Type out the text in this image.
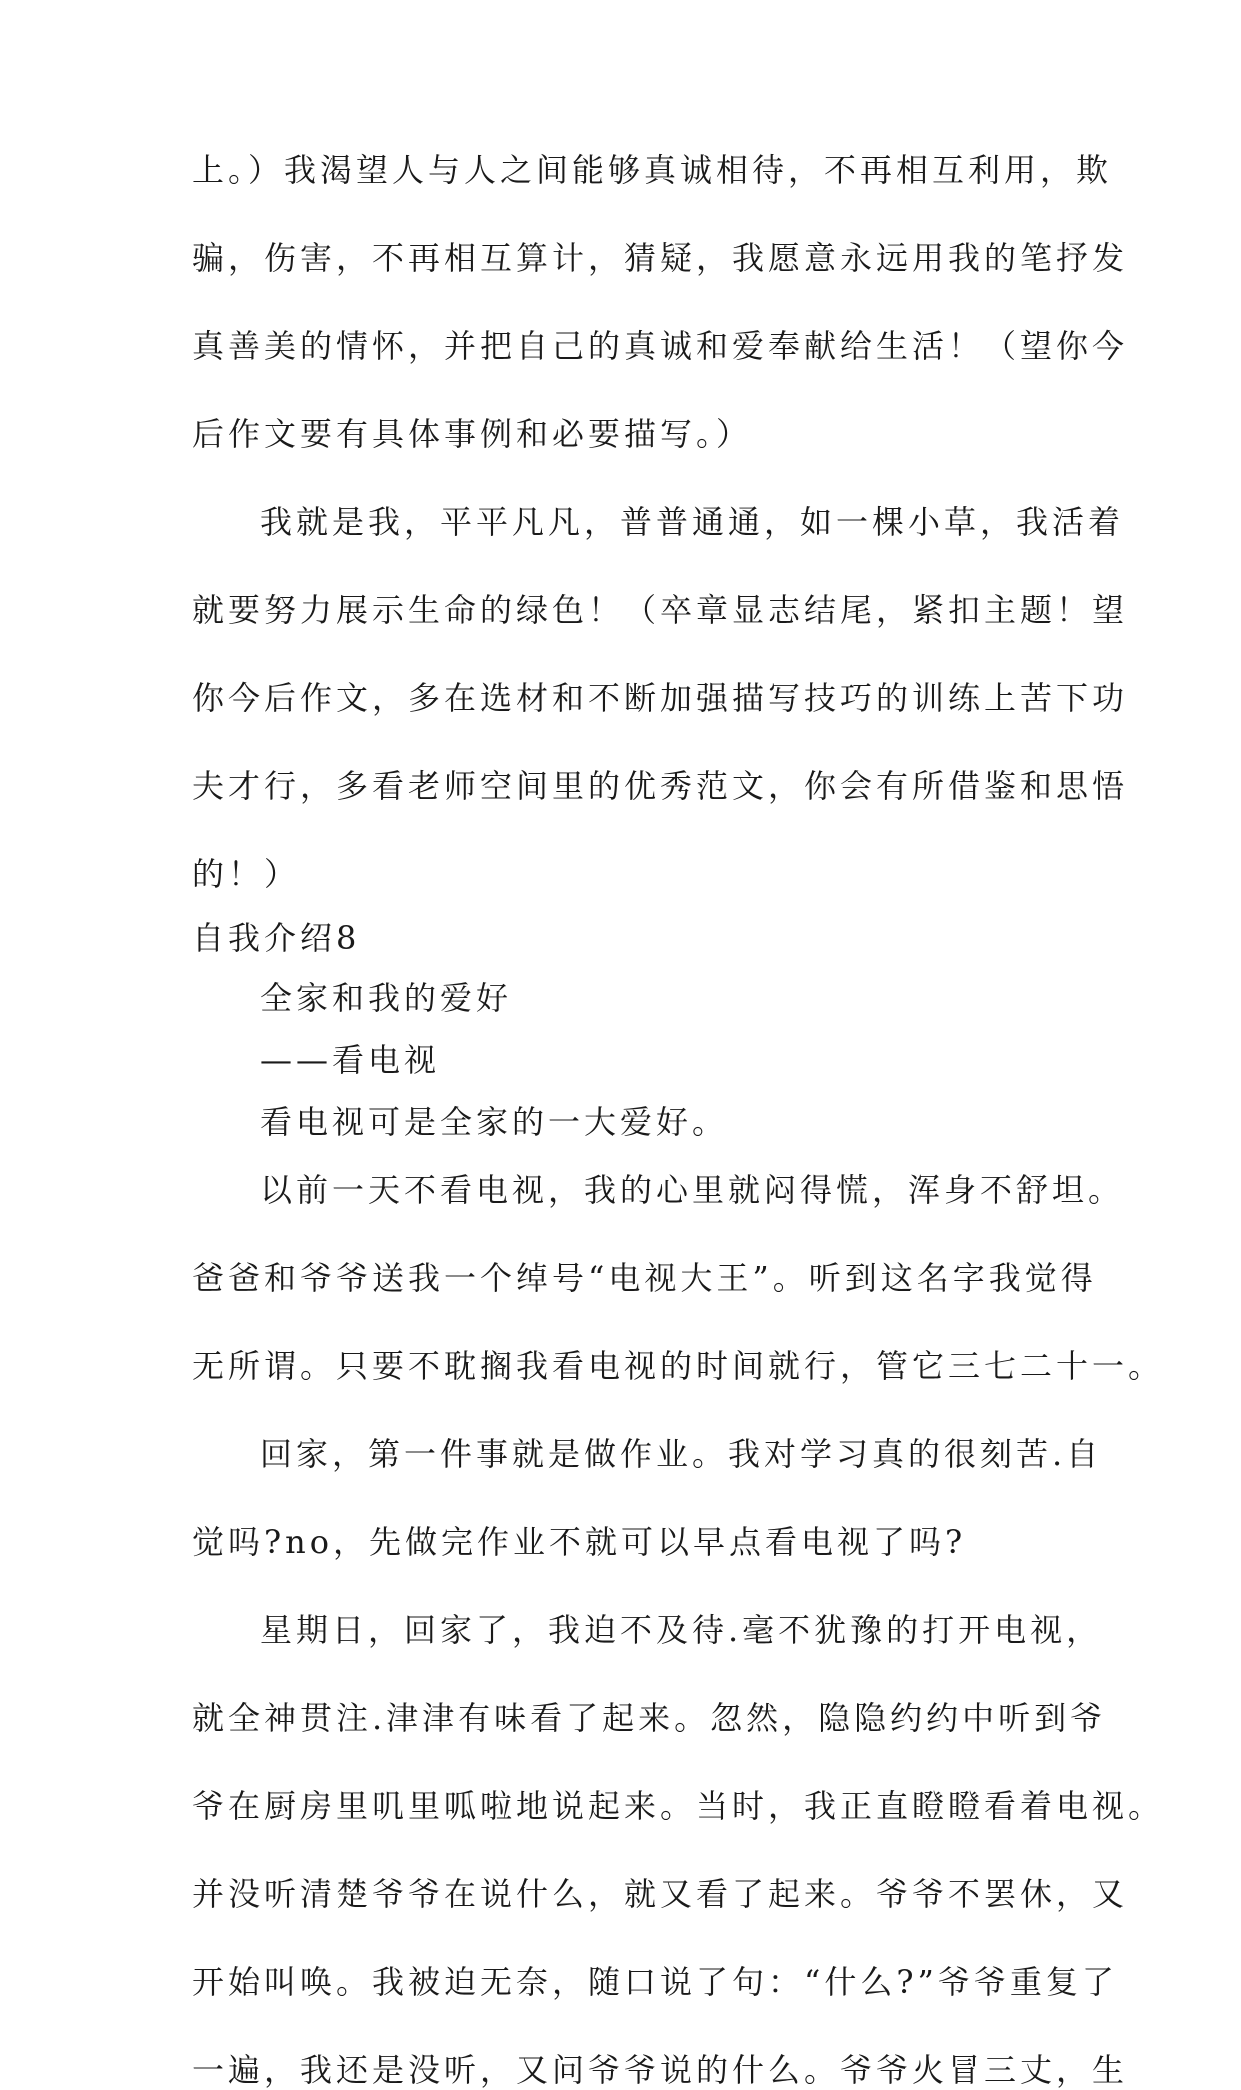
上。）我渴望人与人之间能够真诚相待，不再相互利用，欺

骗，伤害，不再相互算计，猜疑，我愿意永远用我的笔抒发

真善美的情怀，并把自己的真诚和爱奉献给生活！（望你今

后作文要有具体事例和必要描写。）

我就是我，平平凡凡，普普通通，如一棵小草，我活着

就要努力展示生命的绿色！（卒章显志结尾，紧扣主题！望

你今后作文，多在选材和不断加强描写技巧的训练上苦下功

夫才行，多看老师空间里的优秀范文，你会有所借鉴和思悟

的！）

自我介绍8

全家和我的爱好

——看电视

看电视可是全家的一大爱好。

以前一天不看电视，我的心里就闷得慌，浑身不舒坦。

爸爸和爷爷送我一个绰号“电视大王”。听到这名字我觉得

无所谓。只要不耽搁我看电视的时间就行，管它三七二十一。

回家，第一件事就是做作业。我对学习真的很刻苦.自

觉吗?no，先做完作业不就可以早点看电视了吗?

星期日，回家了，我迫不及待.毫不犹豫的打开电视，

就全神贯注.津津有味看了起来。忽然，隐隐约约中听到爷

爷在厨房里叽里呱啦地说起来。当时，我正直瞪瞪看着电视。

并没听清楚爷爷在说什么，就又看了起来。爷爷不罢休，又

开始叫唤。我被迫无奈，随口说了句：“什么?”爷爷重复了

一遍，我还是没听，又问爷爷说的什么。爷爷火冒三丈，生
